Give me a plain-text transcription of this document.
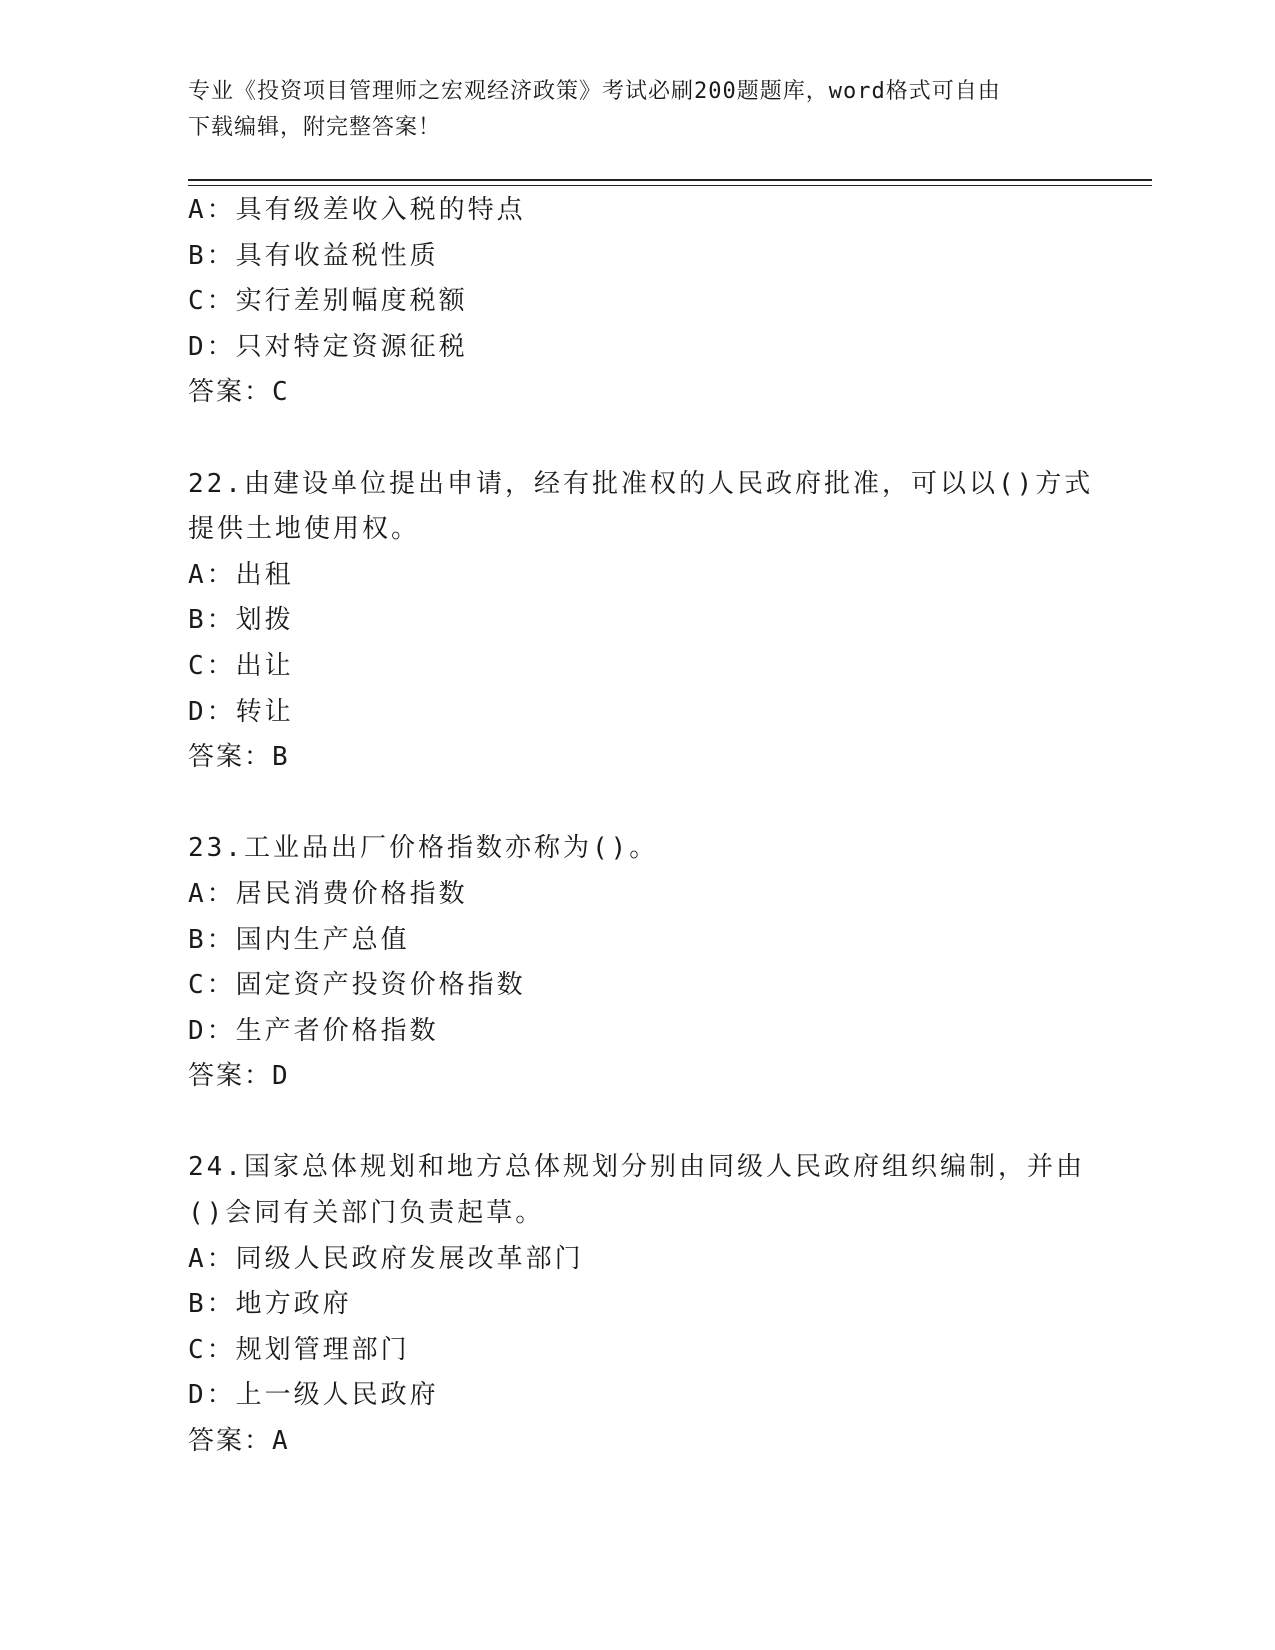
专业《投资项目管理师之宏观经济政策》考试必刷200题题库，word格式可自由
下载编辑，附完整答案！
A：具有级差收入税的特点
B：具有收益税性质
C：实行差别幅度税额
D：只对特定资源征税
答案：C
22.由建设单位提出申请，经有批准权的人民政府批准，可以以()方式
提供土地使用权。
A：出租
B：划拨
C：出让
D：转让
答案：B
23.工业品出厂价格指数亦称为()。
A：居民消费价格指数
B：国内生产总值
C：固定资产投资价格指数
D：生产者价格指数
答案：D
24.国家总体规划和地方总体规划分别由同级人民政府组织编制，并由
()会同有关部门负责起草。
A：同级人民政府发展改革部门
B：地方政府
C：规划管理部门
D：上一级人民政府
答案：A
